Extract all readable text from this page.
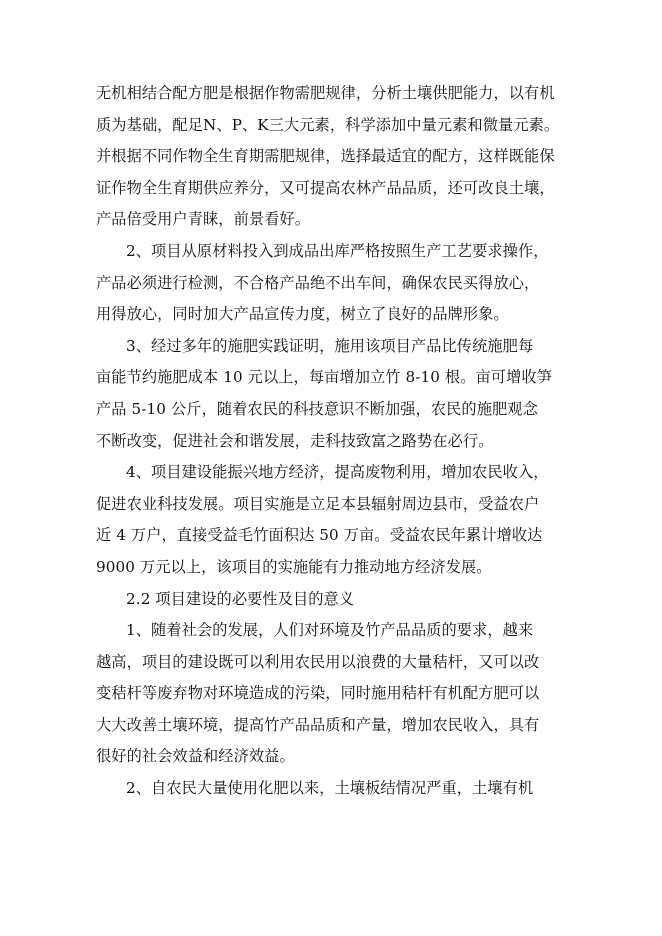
无机相结合配方肥是根据作物需肥规律，分析土壤供肥能力，以有机
质为基础，配足N、P、K三大元素，科学添加中量元素和微量元素。
并根据不同作物全生育期需肥规律，选择最适宜的配方，这样既能保
证作物全生育期供应养分，又可提高农林产品品质，还可改良土壤，
产品倍受用户青睐，前景看好。
2、项目从原材料投入到成品出库严格按照生产工艺要求操作，
产品必须进行检测，不合格产品绝不出车间，确保农民买得放心，
用得放心，同时加大产品宣传力度，树立了良好的品牌形象。
3、经过多年的施肥实践证明，施用该项目产品比传统施肥每
亩能节约施肥成本 10 元以上，每亩增加立竹 8-10 根。亩可增收笋
产品 5-10 公斤，随着农民的科技意识不断加强，农民的施肥观念
不断改变，促进社会和谐发展，走科技致富之路势在必行。
4、项目建设能振兴地方经济，提高废物利用，增加农民收入，
促进农业科技发展。项目实施是立足本县辐射周边县市，受益农户
近 4 万户，直接受益毛竹面积达 50 万亩。受益农民年累计增收达
9000 万元以上，该项目的实施能有力推动地方经济发展。
2.2 项目建设的必要性及目的意义
1、随着社会的发展，人们对环境及竹产品品质的要求，越来
越高，项目的建设既可以利用农民用以浪费的大量秸杆，又可以改
变秸杆等废弃物对环境造成的污染，同时施用秸杆有机配方肥可以
大大改善土壤环境，提高竹产品品质和产量，增加农民收入，具有
很好的社会效益和经济效益。
2、自农民大量使用化肥以来，土壤板结情况严重，土壤有机
